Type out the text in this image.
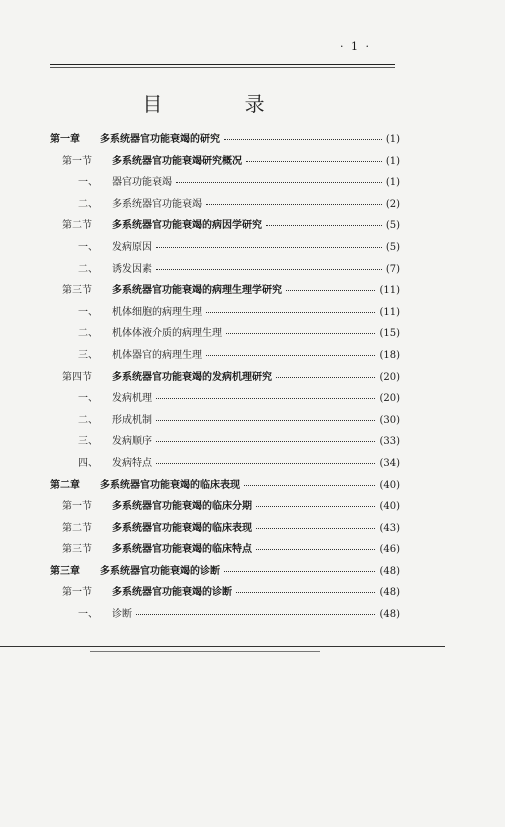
· 1 ·
目 录
第一章	多系统器官功能衰竭的研究	(1)
第一节	多系统器官功能衰竭研究概况	(1)
一、	器官功能衰竭	(1)
二、	多系统器官功能衰竭	(2)
第二节	多系统器官功能衰竭的病因学研究	(5)
一、	发病原因	(5)
二、	诱发因素	(7)
第三节	多系统器官功能衰竭的病理生理学研究	(11)
一、	机体细胞的病理生理	(11)
二、	机体体液介质的病理生理	(15)
三、	机体器官的病理生理	(18)
第四节	多系统器官功能衰竭的发病机理研究	(20)
一、	发病机理	(20)
二、	形成机制	(30)
三、	发病顺序	(33)
四、	发病特点	(34)
第二章	多系统器官功能衰竭的临床表现	(40)
第一节	多系统器官功能衰竭的临床分期	(40)
第二节	多系统器官功能衰竭的临床表现	(43)
第三节	多系统器官功能衰竭的临床特点	(46)
第三章	多系统器官功能衰竭的诊断	(48)
第一节	多系统器官功能衰竭的诊断	(48)
一、	诊断	(48)
